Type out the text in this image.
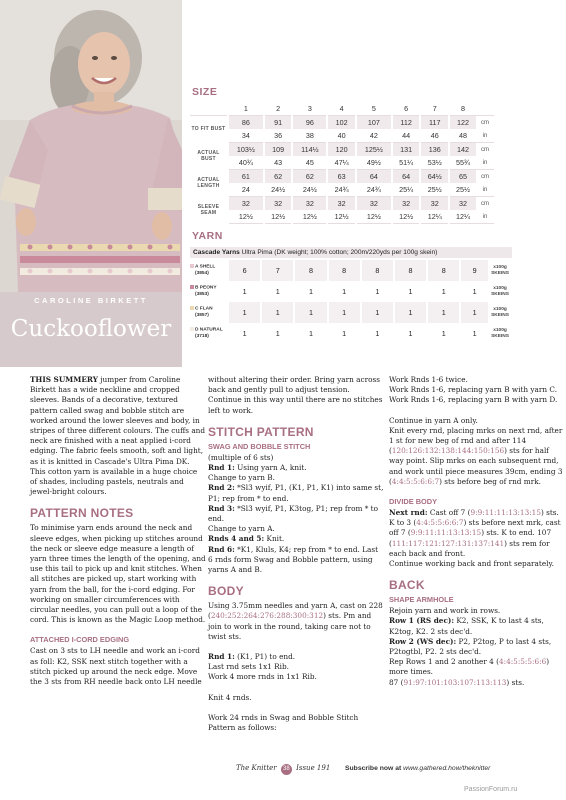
CAROLINE BIRKETT
Cuckooflower
SIZE
	1	2	3	4	5	6	7	8	
TO FIT BUST	86	91	96	102	107	112	117	122	cm
	34	36	38	40	42	44	46	48	in
ACTUAL BUST	103½	109	114½	120	125½	131	136	142	cm
	40¾	43	45	47¼	49½	51¼	53½	55¾	in
ACTUAL LENGTH	61	62	62	63	64	64	64½	65	cm
	24	24½	24½	24¾	24¾	25¼	25½	25½	in
SLEEVE SEAM	32	32	32	32	32	32	32	32	cm
	12½	12½	12½	12½	12½	12½	12¼	12¼	in
YARN
Cascade Yarns Ultra Pima (DK weight; 100% cotton; 200m/220yds per 100g skein)
A SHELL
(3854)	6	7	8	8	8	8	8	9	x100g SKEINS
B PEONY
(3853)	1	1	1	1	1	1	1	1	x100g SKEINS
C FLAN
(3857)	1	1	1	1	1	1	1	1	x100g SKEINS
D NATURAL
(3718)	1	1	1	1	1	1	1	1	x100g SKEINS

THIS SUMMERY jumper from Caroline Birkett has a wide neckline and cropped sleeves. Bands of a decorative, textured pattern called swag and bobble stitch are worked around the lower sleeves and body, in stripes of three different colours. The cuffs and neck are finished with a neat applied i-cord edging. The fabric feels smooth, soft and light, as it is knitted in Cascade's Ultra Pima DK. This cotton yarn is available in a huge choice of shades, including pastels, neutrals and jewel-bright colours.

PATTERN NOTES

To minimise yarn ends around the neck and sleeve edges, when picking up stitches around the neck or sleeve edge measure a length of yarn three times the length of the opening, and use this tail to pick up and knit stitches. When all stitches are picked up, start working with yarn from the ball, for the i-cord edging. For working on smaller circumferences with circular needles, you can pull out a loop of the cord. This is known as the Magic Loop method.

ATTACHED I-CORD EDGING

Cast on 3 sts to LH needle and work an i-cord as foll: K2, SSK next stitch together with a stitch picked up around the neck edge. Move the 3 sts from RH needle back onto LH needle

without altering their order. Bring yarn across back and gently pull to adjust tension. Continue in this way until there are no stitches left to work.

STITCH PATTERN
SWAG AND BOBBLE STITCH
(multiple of 6 sts)
Rnd 1: Using yarn A, knit.
Change to yarn B.
Rnd 2: *Sl3 wyif, P1, (K1, P1, K1) into same st, P1; rep from * to end.
Rnd 3: *Sl3 wyif, P1, K3tog, P1; rep from * to end.
Change to yarn A.
Rnds 4 and 5: Knit.

Rnd 6: *K1, Kluls, K4; rep from * to end. Last 6 rnds form Swag and Bobble pattern, using yarns A and B.

BODY

Using 3.75mm needles and yarn A, cast on 228 (240:252:264:276:288:300:312) sts. Pm and join to work in the round, taking care not to twist sts.

Rnd 1: (K1, P1) to end.
Last rnd sets 1x1 Rib.

Work 4 more rnds in 1x1 Rib.

Knit 4 rnds.

Work 24 rnds in Swag and Bobble Stitch Pattern as follows:

Work Rnds 1-6 twice.
Work Rnds 1-6, replacing yarn B with yarn C.

Work Rnds 1-6, replacing yarn B with yarn D.

Continue in yarn A only.

Knit every rnd, placing mrks on next rnd, after 1 st for new beg of rnd and after 114 (120:126:132:138:144:150:156) sts for half way point. Slip mrks on each subsequent rnd, and work until piece measures 39cm, ending 3 (4:4:5:5:6:6:7) sts before beg of rnd mrk.

DIVIDE BODY

Next rnd: Cast off 7 (9:9:11:11:13:13:15) sts. K to 3 (4:4:5:5:6:6:7) sts before next mrk, cast off 7 (9:9:11:11:13:13:15) sts. K to end. 107 (111:117:121:127:131:137:141) sts rem for each back and front.
Continue working back and front separately.

BACK
SHAPE ARMHOLE
Rejoin yarn and work in rows.
Row 1 (RS dec): K2, SSK, K to last 4 sts, K2tog, K2. 2 sts dec'd.
Row 2 (WS dec): P2, P2tog, P to last 4 sts, P2togtbl, P2. 2 sts dec'd.
Rep Rows 1 and 2 another 4 (4:4:5:5:5:6:6) more times.
87 (91:97:101:103:107:113:113) sts.
The Knitter 38 Issue 191 Subscribe now at www.gathered.how/theknitter
PassionForum.ru
